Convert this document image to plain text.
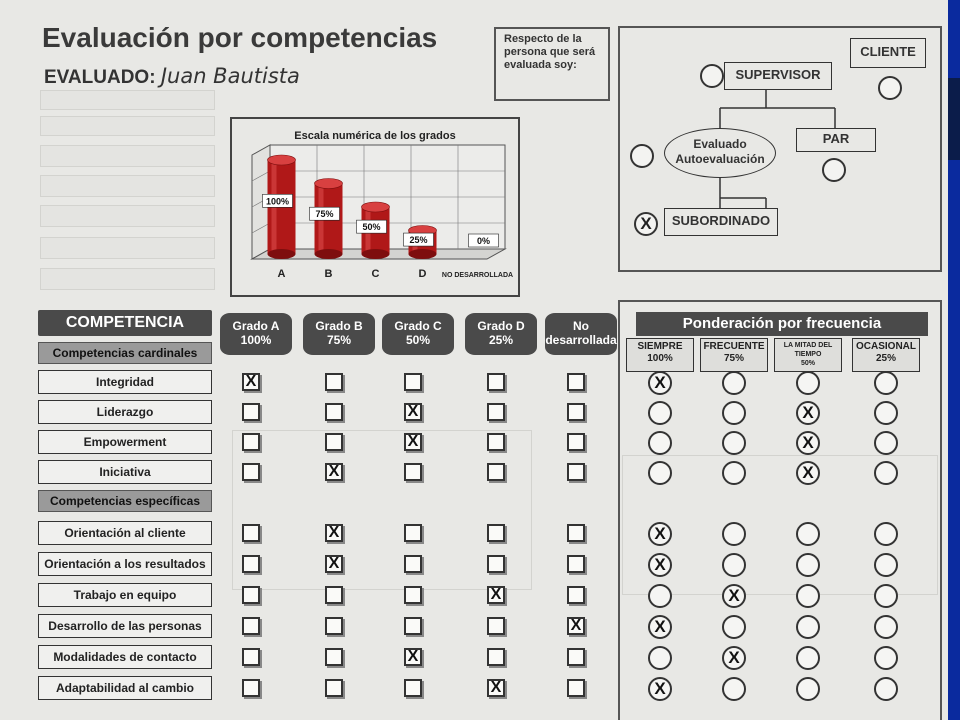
Evaluación por competencias
EVALUADO: Juan Bautista
Respecto de la persona que será evaluada soy:
CLIENTE
SUPERVISOR
PAR
Evaluado
Autoevaluación
SUBORDINADO
X
Escala numérica de los grados
100%
A
75%
B
50%
C
25%
D
0%
NO DESARROLLADA
COMPETENCIA
Competencias cardinales
Competencias específicas
Integridad
Liderazgo
Empowerment
Iniciativa
Orientación al cliente
Orientación a los resultados
Trabajo en equipo
Desarrollo de las personas
Modalidades de contacto
Adaptabilidad al cambio
Grado A
100%
Grado B
75%
Grado C
50%
Grado D
25%
No
desarrollada
X
X
X
X
X
X
X
X
X
X
Ponderación por frecuencia
SIEMPRE
100%
FRECUENTE
75%
LA MITAD DEL TIEMPO
50%
OCASIONAL
25%
X
X
X
X
X
X
X
X
X
X
